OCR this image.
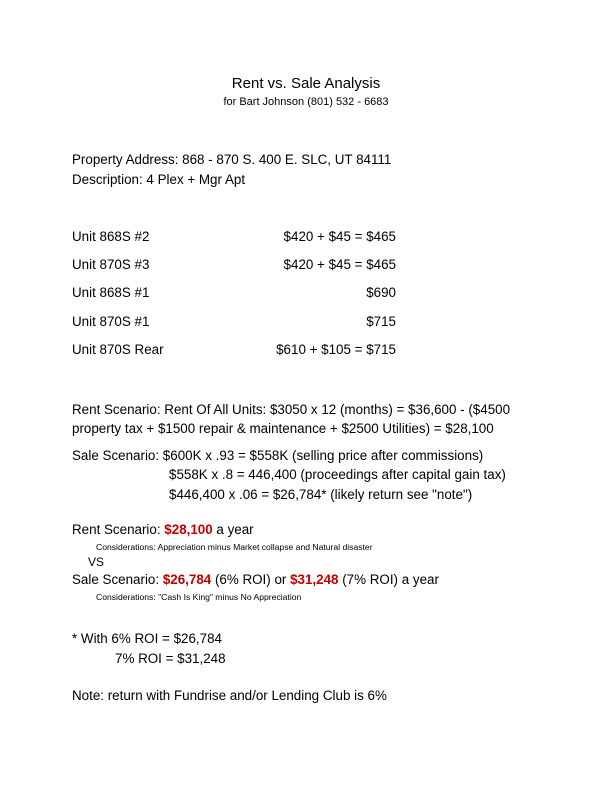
Rent vs. Sale Analysis
for Bart Johnson (801) 532 - 6683
Property Address: 868 - 870 S. 400 E. SLC, UT 84111
Description: 4 Plex + Mgr Apt
Unit 868S #2	$420 + $45 = $465
Unit 870S #3	$420 + $45 = $465
Unit 868S #1	$690
Unit 870S #1	$715
Unit 870S Rear	$610 + $105 = $715
Rent Scenario: Rent Of All Units: $3050 x 12 (months) = $36,600 - ($4500
property tax + $1500 repair & maintenance + $2500 Utilities) = $28,100
Sale Scenario: $600K x .93 = $558K (selling price after commissions)
$558K x .8 = 446,400 (proceedings after capital gain tax)
$446,400 x .06 = $26,784* (likely return see "note")
Rent Scenario: $28,100 a year
Considerations: Appreciation minus Market collapse and Natural disaster
VS
Sale Scenario: $26,784 (6% ROI) or $31,248 (7% ROI) a year
Considerations: "Cash Is King" minus No Appreciation
* With 6% ROI = $26,784
7% ROI = $31,248
Note: return with Fundrise and/or Lending Club is 6%
